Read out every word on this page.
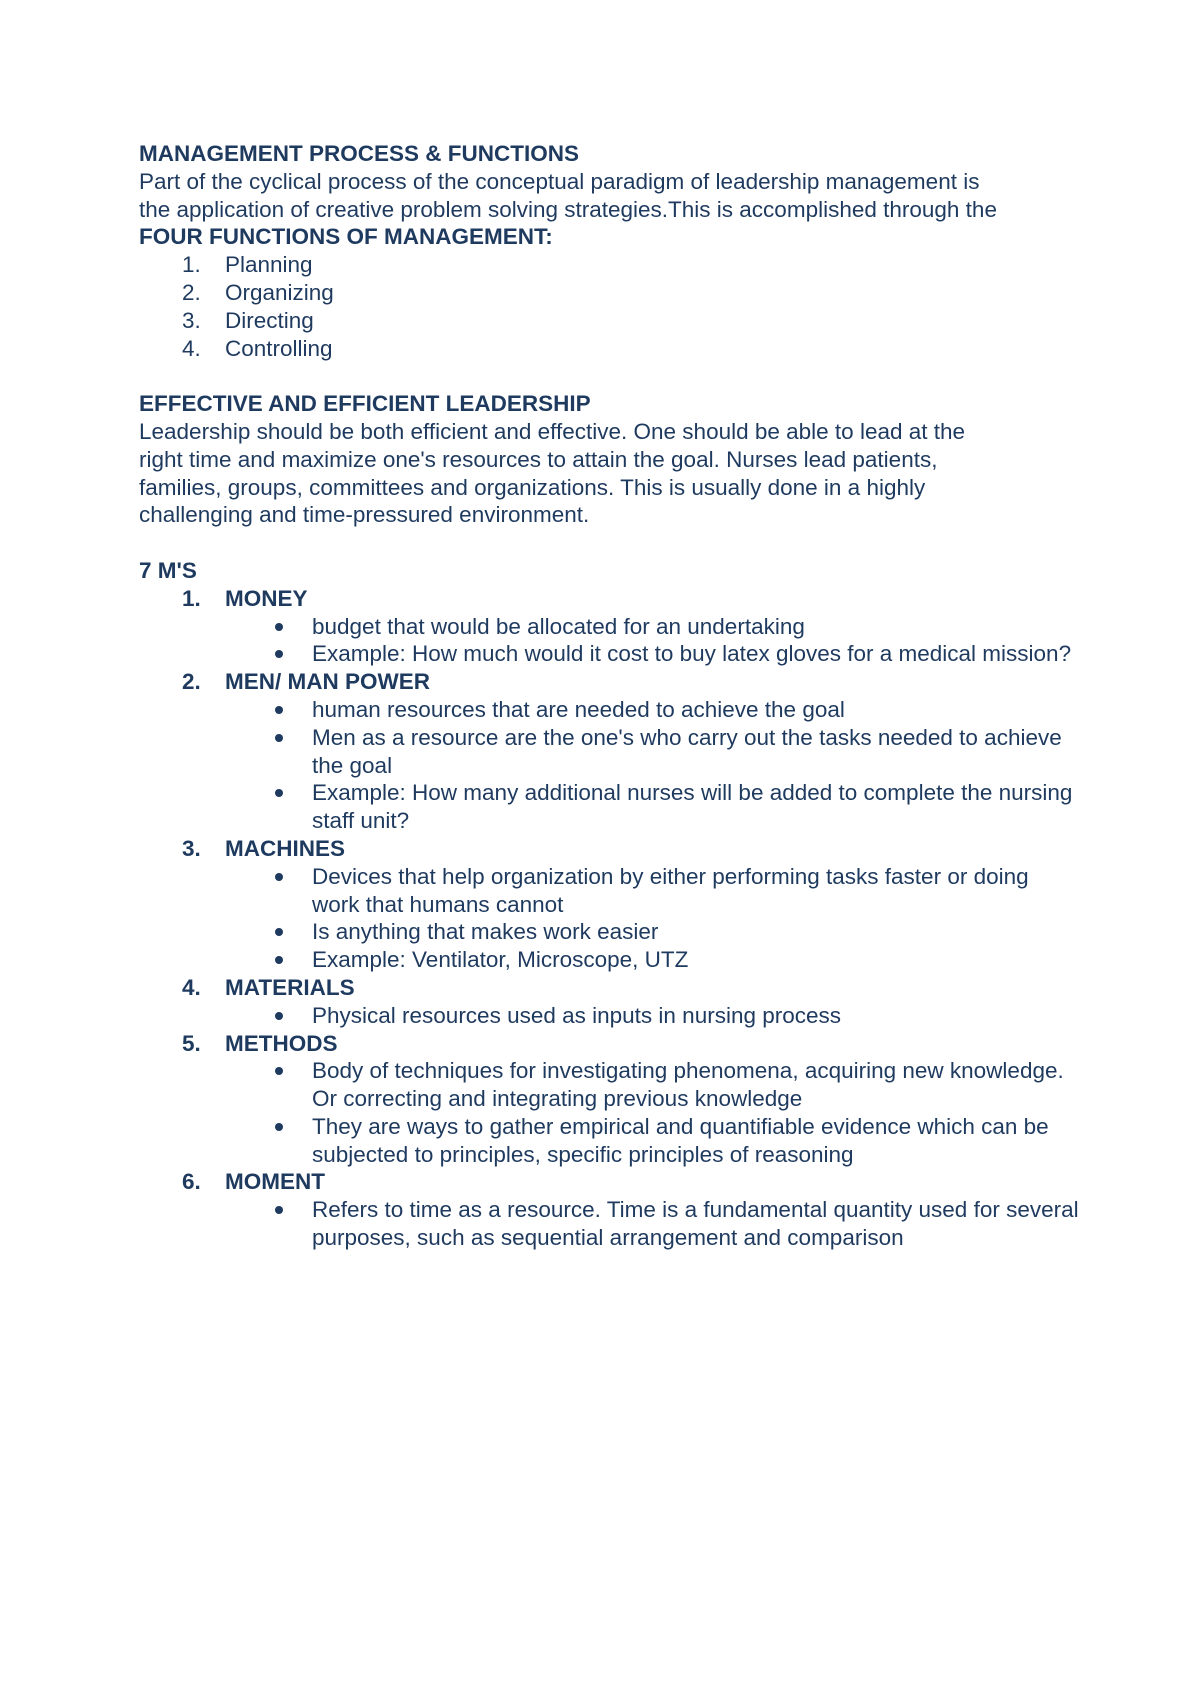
MANAGEMENT PROCESS & FUNCTIONS

Part of the cyclical process of the conceptual paradigm of leadership management is

the application of creative problem solving strategies.This is accomplished through the

FOUR FUNCTIONS OF MANAGEMENT:

1. Planning
2. Organizing
3. Directing
4. Controlling

EFFECTIVE AND EFFICIENT LEADERSHIP

Leadership should be both efficient and effective. One should be able to lead at the

right time and maximize one's resources to attain the goal. Nurses lead patients,

families, groups, committees and organizations. This is usually done in a highly

challenging and time-pressured environment.

7 M'S

1. MONEY
budget that would be allocated for an undertaking
Example: How much would it cost to buy latex gloves for a medical mission?
2. MEN/ MAN POWER
human resources that are needed to achieve the goal
Men as a resource are the one's who carry out the tasks needed to achieve the goal
Example: How many additional nurses will be added to complete the nursing staff unit?
3. MACHINES
Devices that help organization by either performing tasks faster or doing work that humans cannot
Is anything that makes work easier
Example: Ventilator, Microscope, UTZ
4. MATERIALS
Physical resources used as inputs in nursing process
5. METHODS
Body of techniques for investigating phenomena, acquiring new knowledge. Or correcting and integrating previous knowledge
They are ways to gather empirical and quantifiable evidence which can be subjected to principles, specific principles of reasoning
6. MOMENT
Refers to time as a resource. Time is a fundamental quantity used for several purposes, such as sequential arrangement and comparison
